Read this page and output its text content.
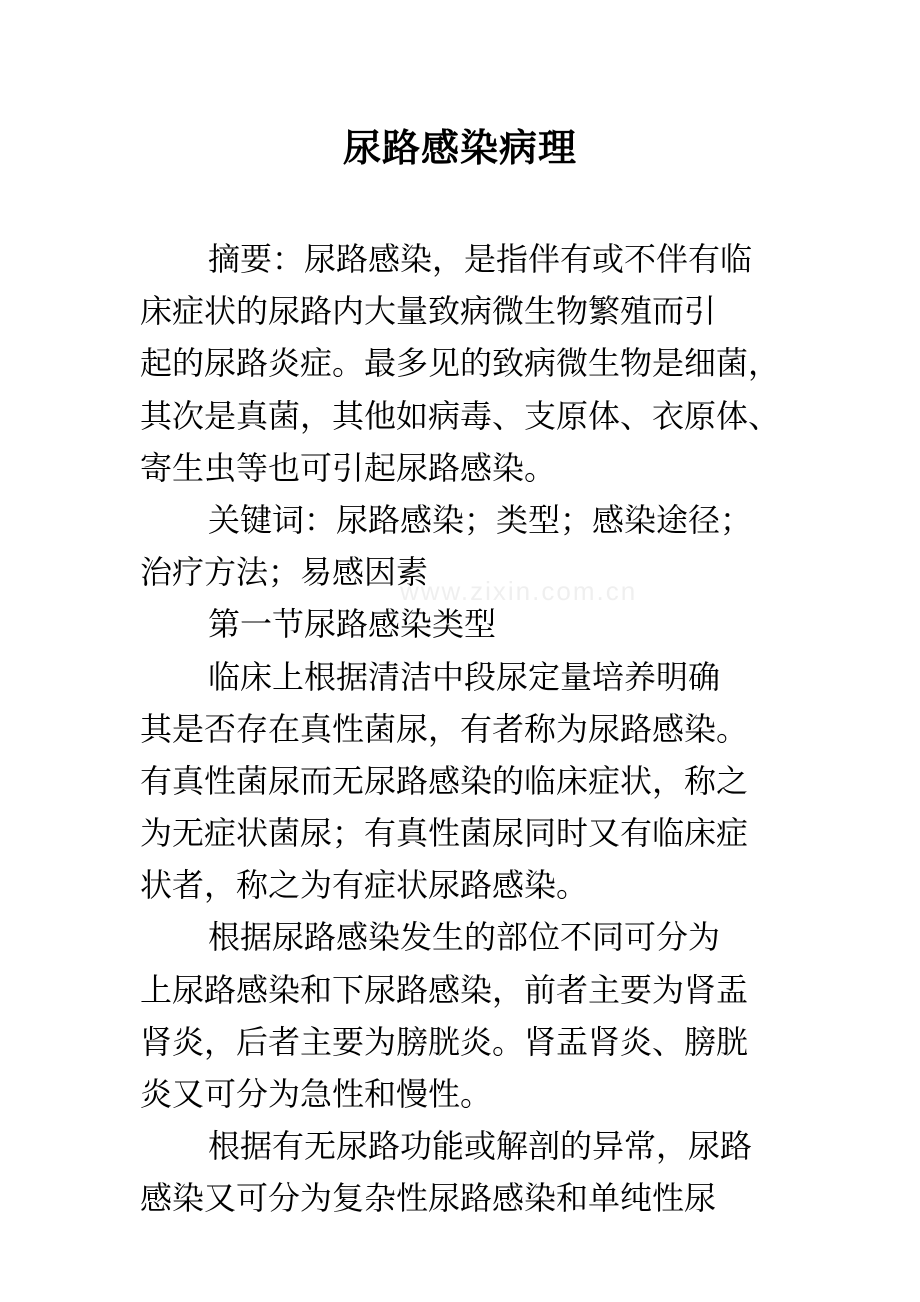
尿路感染病理
www.zixin.com.cn
摘要：尿路感染，是指伴有或不伴有临
床症状的尿路内大量致病微生物繁殖而引
起的尿路炎症。最多见的致病微生物是细菌，
其次是真菌，其他如病毒、支原体、衣原体、
寄生虫等也可引起尿路感染。
关键词：尿路感染；类型；感染途径；
治疗方法；易感因素
第一节尿路感染类型
临床上根据清洁中段尿定量培养明确
其是否存在真性菌尿，有者称为尿路感染。
有真性菌尿而无尿路感染的临床症状，称之
为无症状菌尿；有真性菌尿同时又有临床症
状者，称之为有症状尿路感染。
根据尿路感染发生的部位不同可分为
上尿路感染和下尿路感染，前者主要为肾盂
肾炎，后者主要为膀胱炎。肾盂肾炎、膀胱
炎又可分为急性和慢性。
根据有无尿路功能或解剖的异常，尿路
感染又可分为复杂性尿路感染和单纯性尿
